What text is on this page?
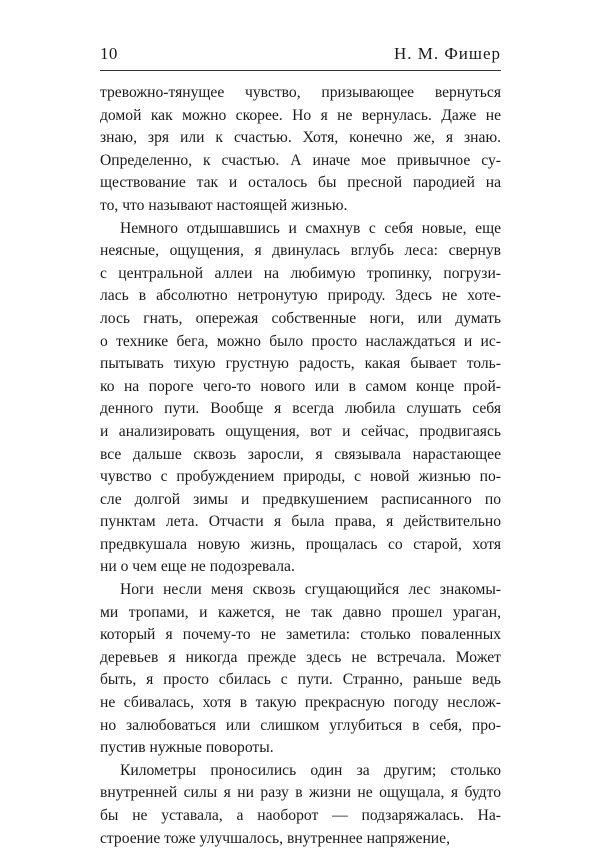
10	Н. М. Фишер
тревожно-тянущее чувство, призывающее вернуться
домой как можно скорее. Но я не вернулась. Даже не
знаю, зря или к счастью. Хотя, конечно же, я знаю.
Определенно, к счастью. А иначе мое привычное су-
ществование так и осталось бы пресной пародией на
то, что называют настоящей жизнью.
Немного отдышавшись и смахнув с себя новые, еще
неясные, ощущения, я двинулась вглубь леса: свернув
с центральной аллеи на любимую тропинку, погрузи-
лась в абсолютно нетронутую природу. Здесь не хоте-
лось гнать, опережая собственные ноги, или думать
о технике бега, можно было просто наслаждаться и ис-
пытывать тихую грустную радость, какая бывает толь-
ко на пороге чего-то нового или в самом конце прой-
денного пути. Вообще я всегда любила слушать себя
и анализировать ощущения, вот и сейчас, продвигаясь
все дальше сквозь заросли, я связывала нарастающее
чувство с пробуждением природы, с новой жизнью по-
сле долгой зимы и предвкушением расписанного по
пунктам лета. Отчасти я была права, я действительно
предвкушала новую жизнь, прощалась со старой, хотя
ни о чем еще не подозревала.
Ноги несли меня сквозь сгущающийся лес знакомы-
ми тропами, и кажется, не так давно прошел ураган,
который я почему-то не заметила: столько поваленных
деревьев я никогда прежде здесь не встречала. Может
быть, я просто сбилась с пути. Странно, раньше ведь
не сбивалась, хотя в такую прекрасную погоду неслож-
но залюбоваться или слишком углубиться в себя, про-
пустив нужные повороты.
Километры проносились один за другим; столько
внутренней силы я ни разу в жизни не ощущала, я будто
бы не уставала, а наоборот — подзаряжалась. На-
строение тоже улучшалось, внутреннее напряжение,
